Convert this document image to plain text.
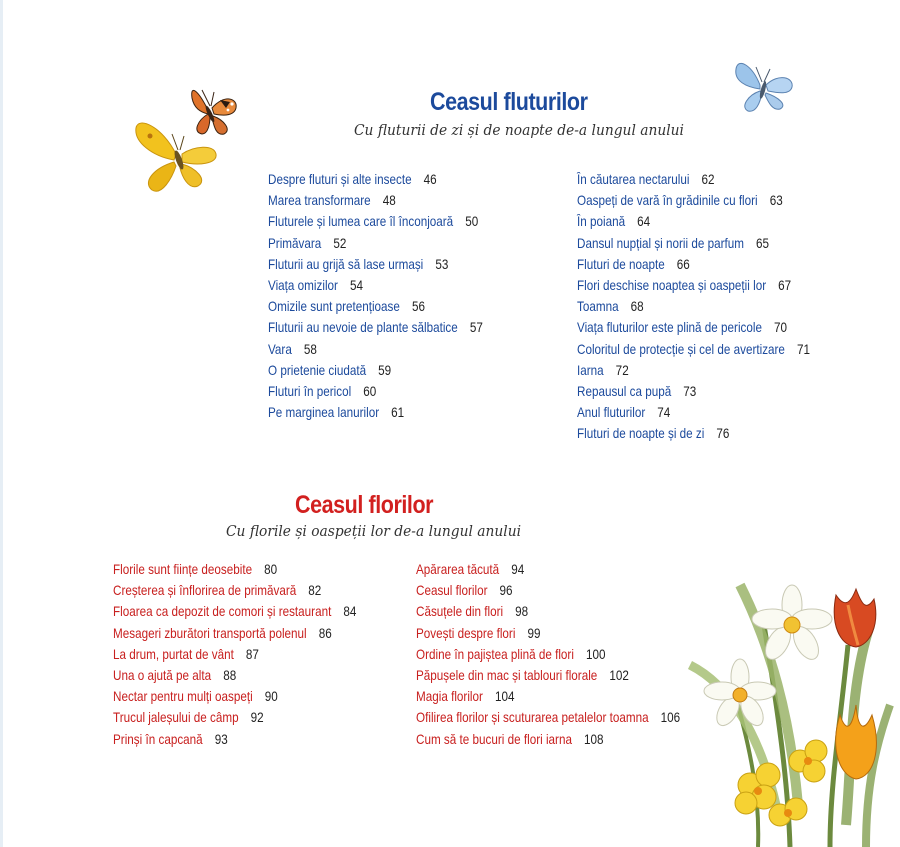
Ceasul fluturilor

Cu fluturii de zi și de noapte de-a lungul anului

Despre fluturi și alte insecte 46
Marea transformare 48
Fluturele și lumea care îl înconjoară 50
Primăvara 52
Fluturii au grijă să lase urmași 53
Viața omizilor 54
Omizile sunt pretențioase 56
Fluturii au nevoie de plante sălbatice 57
Vara 58
O prietenie ciudată 59
Fluturi în pericol 60
Pe marginea lanurilor 61
În căutarea nectarului 62
Oaspeți de vară în grădinile cu flori 63
În poiană 64
Dansul nupțial și norii de parfum 65
Fluturi de noapte 66
Flori deschise noaptea și oaspeții lor 67
Toamna 68
Viața fluturilor este plină de pericole 70
Coloritul de protecție și cel de avertizare 71
Iarna 72
Repausul ca pupă 73
Anul fluturilor 74
Fluturi de noapte și de zi 76
Ceasul florilor

Cu florile și oaspeții lor de-a lungul anului

Florile sunt ființe deosebite 80
Creșterea și înflorirea de primăvară 82
Floarea ca depozit de comori și restaurant 84
Mesageri zburători transportă polenul 86
La drum, purtat de vânt 87
Una o ajută pe alta 88
Nectar pentru mulți oaspeți 90
Trucul jaleșului de câmp 92
Prinși în capcană 93
Apărarea tăcută 94
Ceasul florilor 96
Căsuțele din flori 98
Povești despre flori 99
Ordine în pajiștea plină de flori 100
Păpușele din mac și tablouri florale 102
Magia florilor 104
Ofilirea florilor și scuturarea petalelor toamna 106
Cum să te bucuri de flori iarna 108
